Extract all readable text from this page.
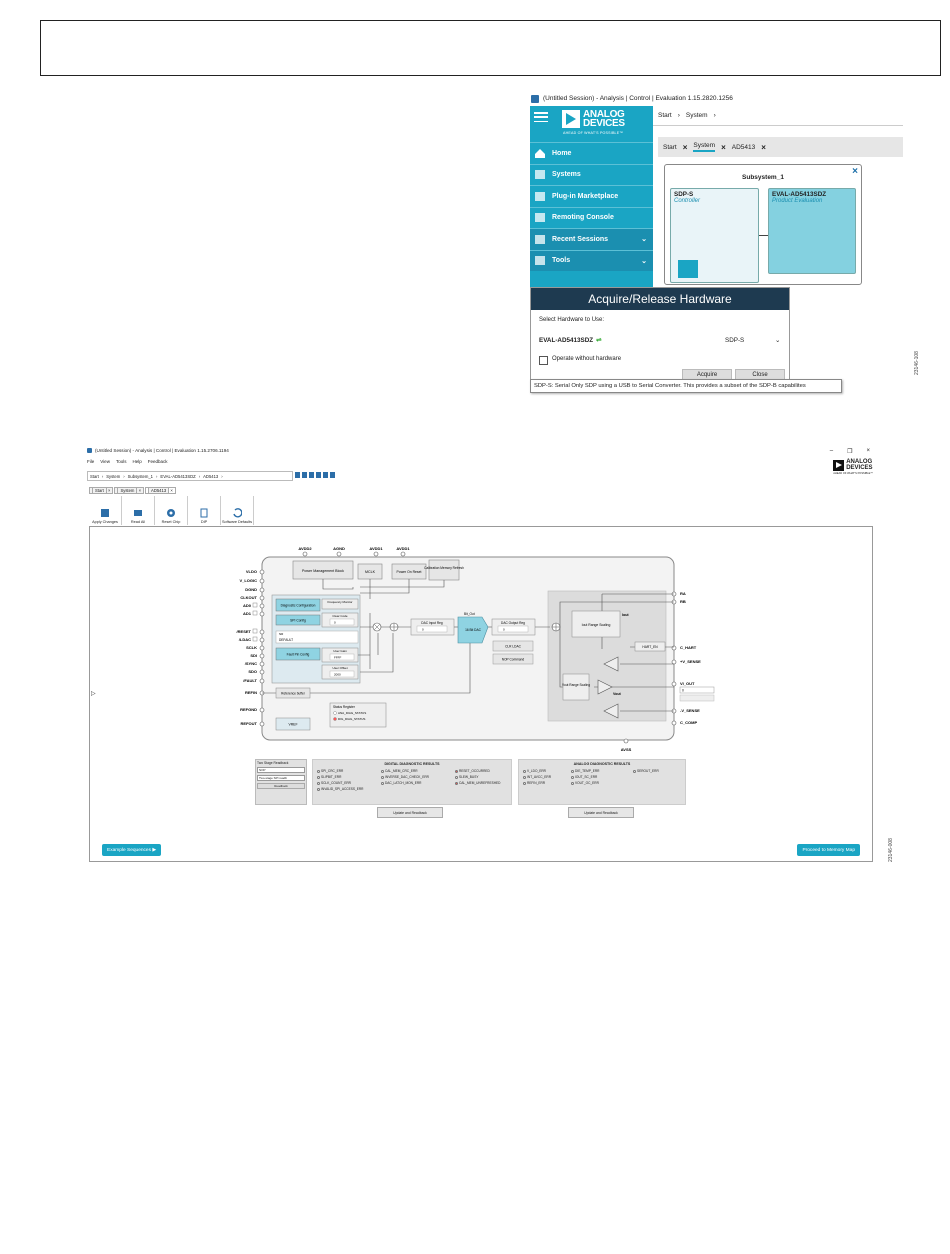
(Untitled Session) - Analysis | Control | Evaluation 1.15.2820.1256
ANALOG
DEVICES
AHEAD OF WHAT'S POSSIBLE™
Home
Systems
Plug-in Marketplace
Remoting Console
Recent Sessions	⌄
Tools	⌄
Start › System ›
Start × System × AD5413 ×
Subsystem_1
×
SDP-S
Controller
EVAL-AD5413SDZ
Product Evaluation
Acquire/Release Hardware
Select Hardware to Use:
EVAL-AD5413SDZ ⇌	SDP-S	⌄
Operate without hardware
Acquire	Close
SDP-S: Serial Only SDP using a USB to Serial Converter. This provides a subset of the SDP-B capabilites
23146-108
(Untitled Session) - Analysis | Control | Evaluation 1.15.2706.1194	– ❐ ×
File View Tools Help Feedback
Start › System › Subsystem_1 › EVAL-AD5413SDZ › AD5413 ›
ANALOG
DEVICES
AHEAD OF WHAT'S POSSIBLE™
Start ×	System ×	AD5413 ×
Apply Changes	Read All	Reset Chip	DIP	Software Defaults
▷
Power Management Block	MCLK	Power On Reset
Calibration Memory Refresh
AVDD2	AGND	AVDD1	AVDD1
VLDO
V_LOGIC
DGND
CLKOUT
AD0
AD1
/RESET
/LDAC
SCLK
SDI
/SYNC
SDO
/FAULT
REFIN
REFGND
REFOUT
RA
RB
C_HART
+V_SENSE
VI_OUT
-V_SENSE
C_COMP
AVSS
0
Diagnostic Configuration
Frequency Monitor
SPI Config
Clear Code
0
NR
DEFAULT
Fault Pin Config
User Gain
FFFF
User Offset
2000
DAC Input Reg
0
Bit_Out
16 Bit DAC
DAC Output Reg
0
CLR LDAC
NOP Command
Iout Range Scaling
Iout
HART_EN
Vout Range Scaling
Vout
Reference buffer
VREF
Status Register
ANA_DIAG_STATUS
DIG_DIAG_STATUS
Two Stage Readback
NOP
Two-stage SPI readb
Readback
DIGITAL DIAGNOSTIC RESULTS
SPI_CRC_ERR	CAL_MEM_CRC_ERR	RESET_OCCURRED
SLIPBIT_ERR	INVERSE_DAC_CHECK_ERR	SLEW_BUSY
SCLK_COUNT_ERR	DAC_LATCH_MON_ERR	CAL_MEM_UNREFRESHED
INVALID_SPI_ACCESS_ERR
Update and Readback
ANALOG DIAGNOSTIC RESULTS
V_LDO_ERR	DIE_TEMP_ERR	SEROUT_ERR
INT_AVCC_ERR	IOUT_SC_ERR
REFIN_ERR	VOUT_OC_ERR
Update and Readback
Example Sequences
▶	Proceed to Memory Map	23146-008
